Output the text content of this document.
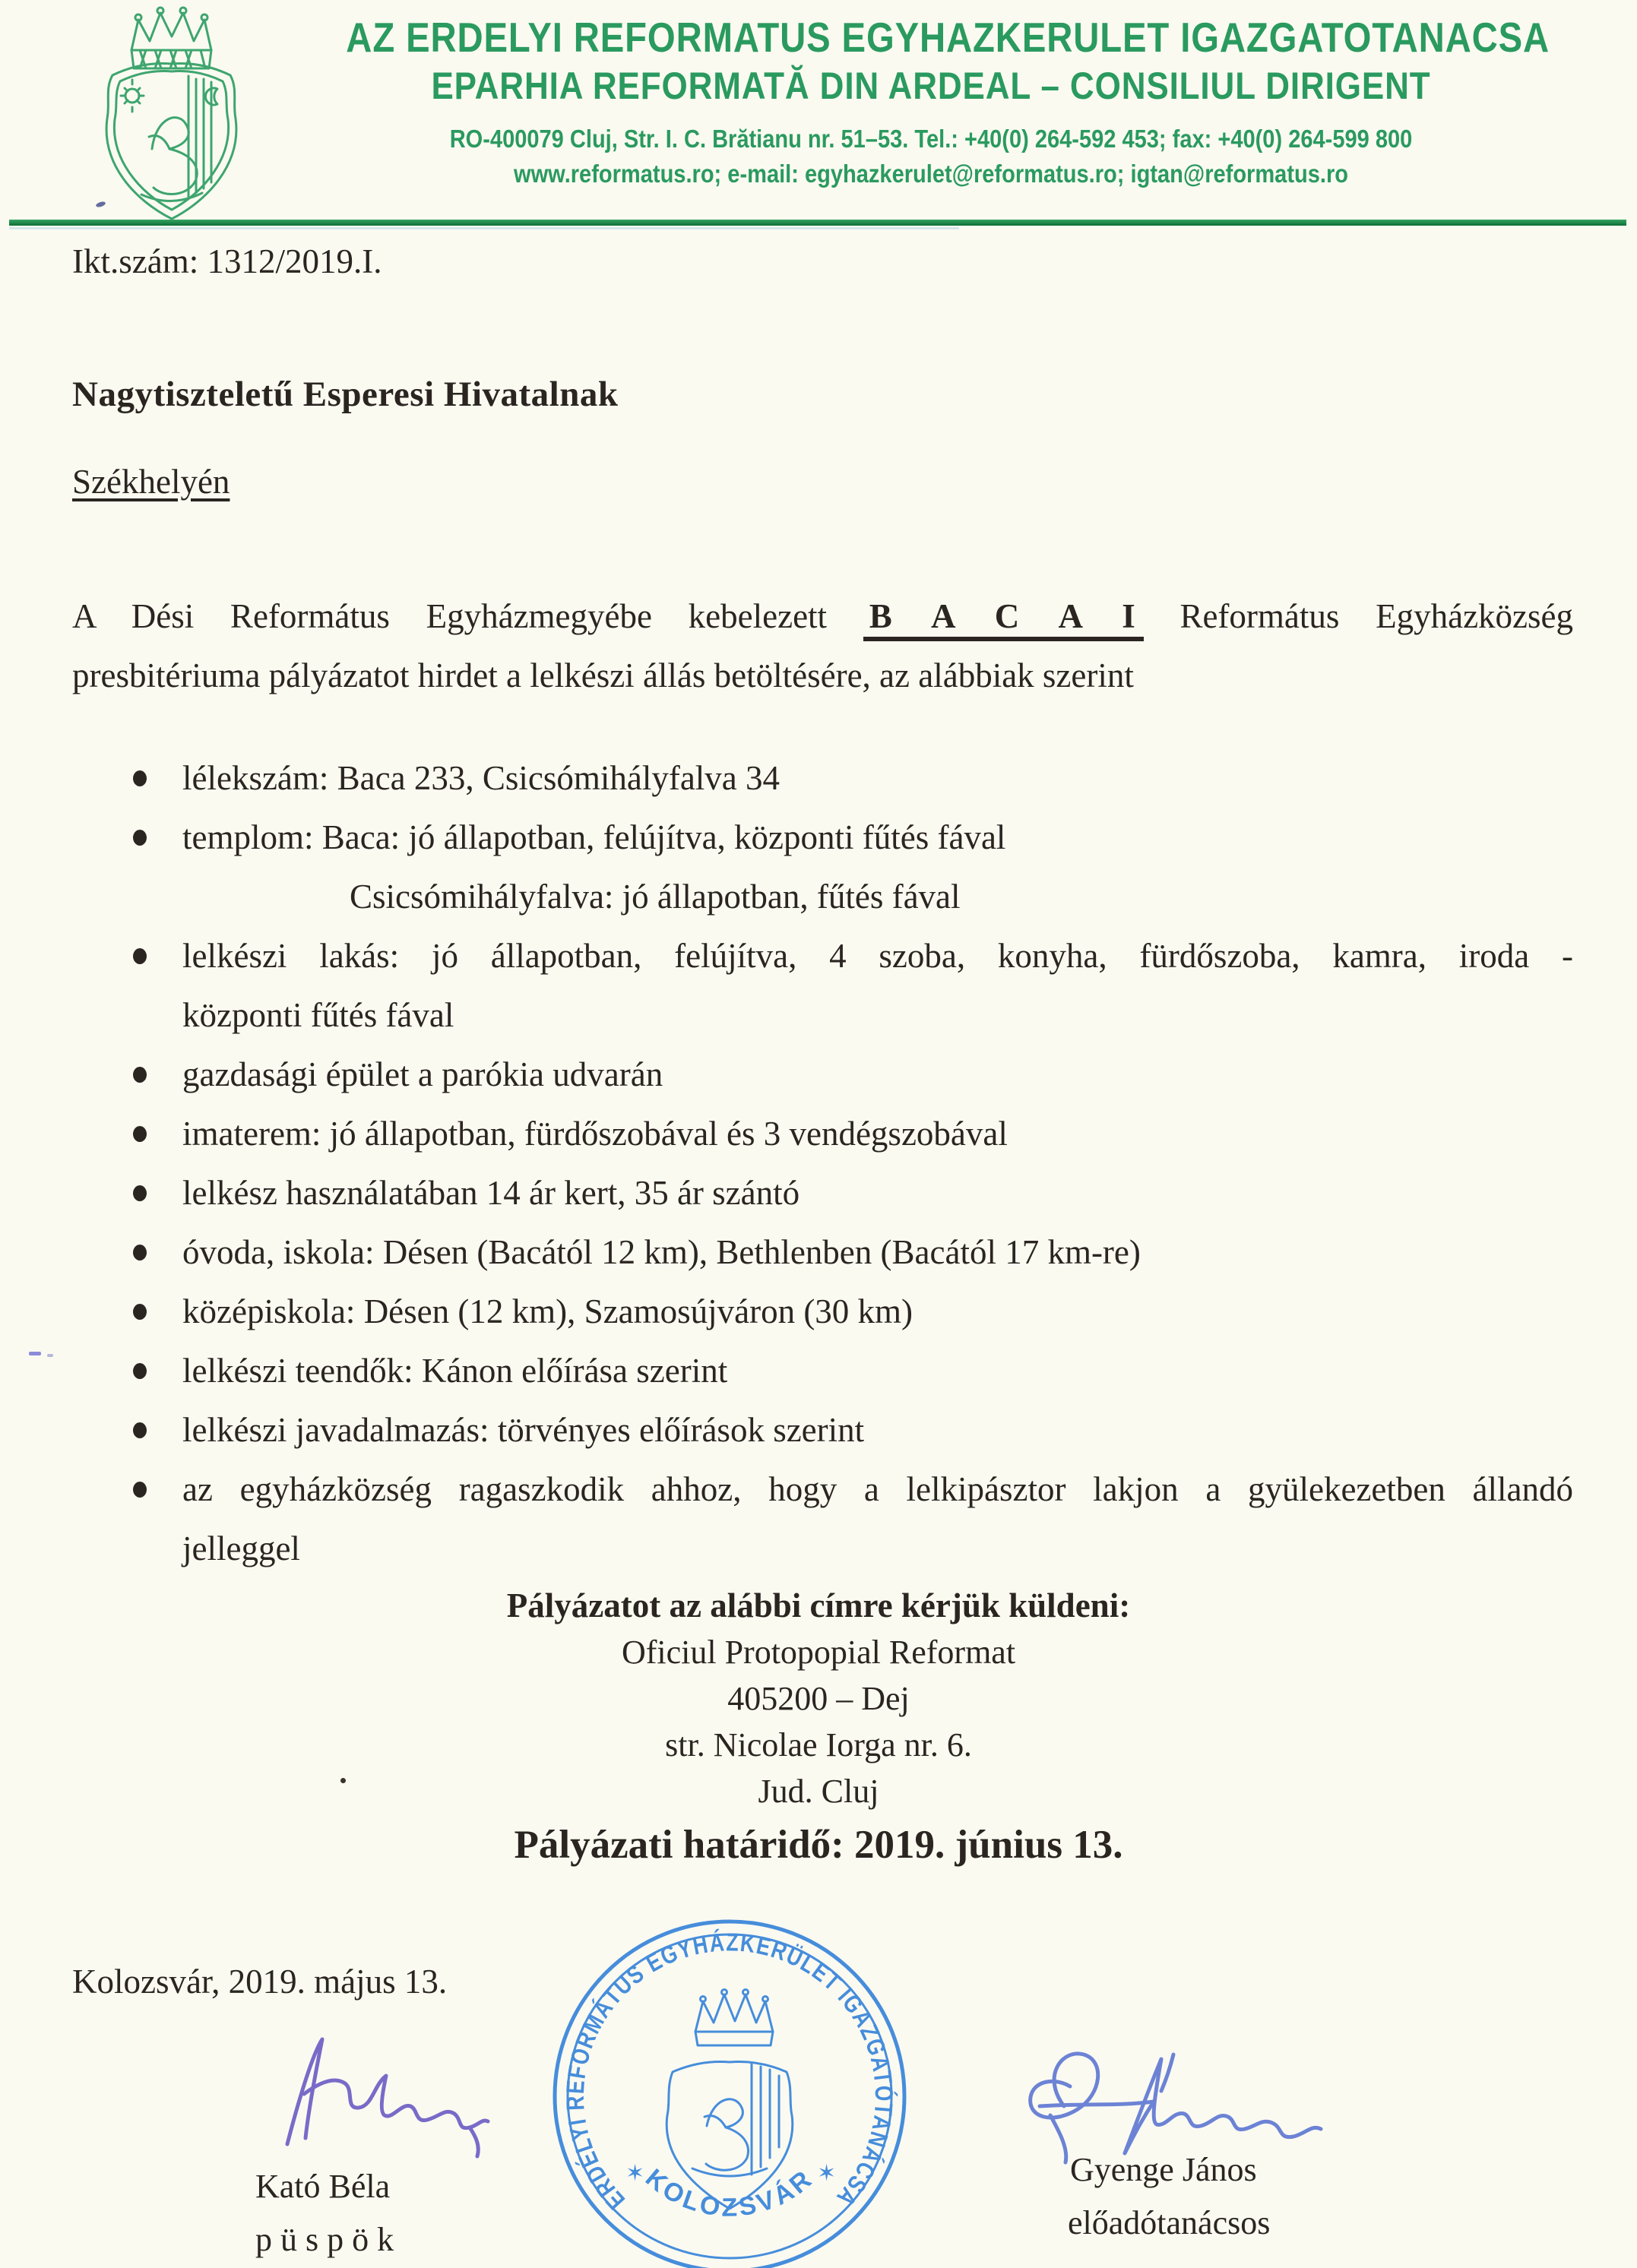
AZ ERDELYI REFORMATUS EGYHAZKERULET IGAZGATOTANACSA
EPARHIA REFORMATĂ DIN ARDEAL – CONSILIUL DIRIGENT
RO-400079 Cluj, Str. I. C. Brătianu nr. 51–53. Tel.: +40(0) 264-592 453; fax: +40(0) 264-599 800
www.reformatus.ro; e-mail: egyhazkerulet@reformatus.ro; igtan@reformatus.ro
Ikt.szám: 1312/2019.I.
Nagytiszteletű Esperesi Hivatalnak
Székhelyén
A Dési Református Egyházmegyébe kebelezett B A C A I Református Egyházközség
presbitériuma pályázatot hirdet a lelkészi állás betöltésére, az alábbiak szerint
lélekszám: Baca 233, Csicsómihályfalva 34
templom: Baca: jó állapotban, felújítva, központi fűtés fával
Csicsómihályfalva: jó állapotban, fűtés fával
lelkészi lakás: jó állapotban, felújítva, 4 szoba, konyha, fürdőszoba, kamra, iroda -
központi fűtés fával
gazdasági épület a parókia udvarán
imaterem: jó állapotban, fürdőszobával és 3 vendégszobával
lelkész használatában 14 ár kert, 35 ár szántó
óvoda, iskola: Désen (Bacától 12 km), Bethlenben (Bacától 17 km-re)
középiskola: Désen (12 km), Szamosújváron (30 km)
lelkészi teendők: Kánon előírása szerint
lelkészi javadalmazás: törvényes előírások szerint
az egyházközség ragaszkodik ahhoz, hogy a lelkipásztor lakjon a gyülekezetben állandó
jelleggel
Pályázatot az alábbi címre kérjük küldeni:
Oficiul Protopopial Reformat
405200 – Dej
str. Nicolae Iorga nr. 6.
Jud. Cluj
Pályázati határidő: 2019. június 13.
Kolozsvár, 2019. május 13.
Kató Béla
p ü s p ö k
Gyenge János
előadótanácsos
ERDÉLYI REFORMÁTUS EGYHÁZKERÜLET IGAZGATÓTANÁCSA
KOLOZSVÁR
✶	✶
